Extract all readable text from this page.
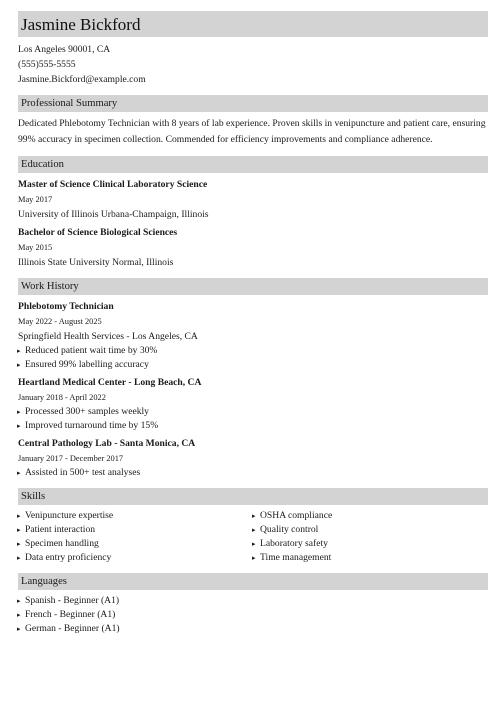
Jasmine Bickford
Los Angeles 90001, CA
(555)555-5555
Jasmine.Bickford@example.com
Professional Summary
Dedicated Phlebotomy Technician with 8 years of lab experience. Proven skills in venipuncture and patient care, ensuring 99% accuracy in specimen collection. Commended for efficiency improvements and compliance adherence.
Education
Master of Science Clinical Laboratory Science
May 2017
University of Illinois Urbana-Champaign, Illinois
Bachelor of Science Biological Sciences
May 2015
Illinois State University Normal, Illinois
Work History
Phlebotomy Technician
May 2022 - August 2025
Springfield Health Services - Los Angeles, CA
▸ Reduced patient wait time by 30%
▸ Ensured 99% labelling accuracy
Heartland Medical Center - Long Beach, CA
January 2018 - April 2022
▸ Processed 300+ samples weekly
▸ Improved turnaround time by 15%
Central Pathology Lab - Santa Monica, CA
January 2017 - December 2017
▸ Assisted in 500+ test analyses
Skills
▸ Venipuncture expertise
▸ Patient interaction
▸ Specimen handling
▸ Data entry proficiency
▸ OSHA compliance
▸ Quality control
▸ Laboratory safety
▸ Time management
Languages
▸ Spanish - Beginner (A1)
▸ French - Beginner (A1)
▸ German - Beginner (A1)
